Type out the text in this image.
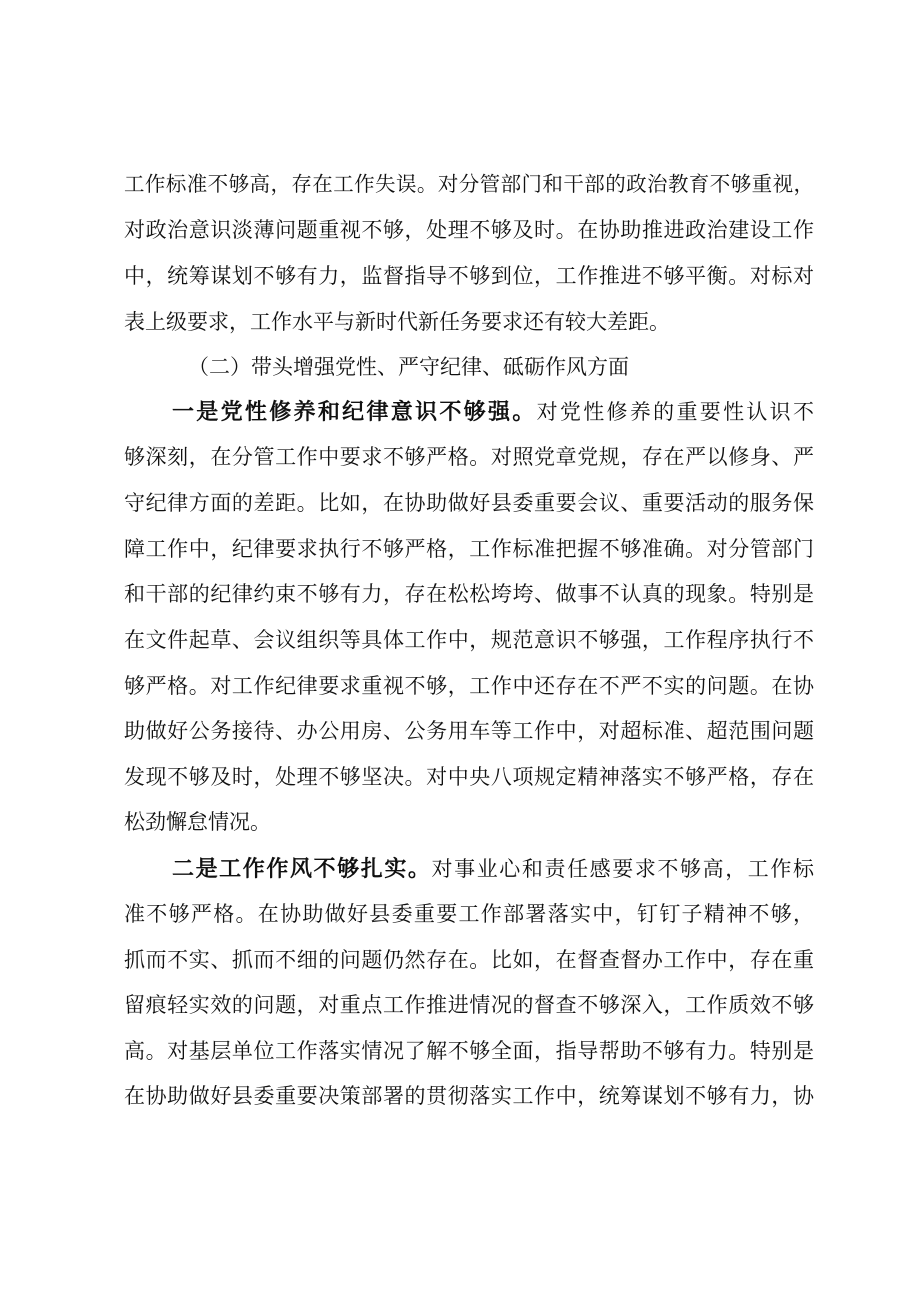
工作标准不够高，存在工作失误。对分管部门和干部的政治教育不够重视，
对政治意识淡薄问题重视不够，处理不够及时。在协助推进政治建设工作
中，统筹谋划不够有力，监督指导不够到位，工作推进不够平衡。对标对
表上级要求，工作水平与新时代新任务要求还有较大差距。
（二）带头增强党性、严守纪律、砥砺作风方面
一是党性修养和纪律意识不够强。对党性修养的重要性认识不
够深刻，在分管工作中要求不够严格。对照党章党规，存在严以修身、严
守纪律方面的差距。比如，在协助做好县委重要会议、重要活动的服务保
障工作中，纪律要求执行不够严格，工作标准把握不够准确。对分管部门
和干部的纪律约束不够有力，存在松松垮垮、做事不认真的现象。特别是
在文件起草、会议组织等具体工作中，规范意识不够强，工作程序执行不
够严格。对工作纪律要求重视不够，工作中还存在不严不实的问题。在协
助做好公务接待、办公用房、公务用车等工作中，对超标准、超范围问题
发现不够及时，处理不够坚决。对中央八项规定精神落实不够严格，存在
松劲懈怠情况。
二是工作作风不够扎实。对事业心和责任感要求不够高，工作标
准不够严格。在协助做好县委重要工作部署落实中，钉钉子精神不够，
抓而不实、抓而不细的问题仍然存在。比如，在督查督办工作中，存在重
留痕轻实效的问题，对重点工作推进情况的督查不够深入，工作质效不够
高。对基层单位工作落实情况了解不够全面，指导帮助不够有力。特别是
在协助做好县委重要决策部署的贯彻落实工作中，统筹谋划不够有力，协
